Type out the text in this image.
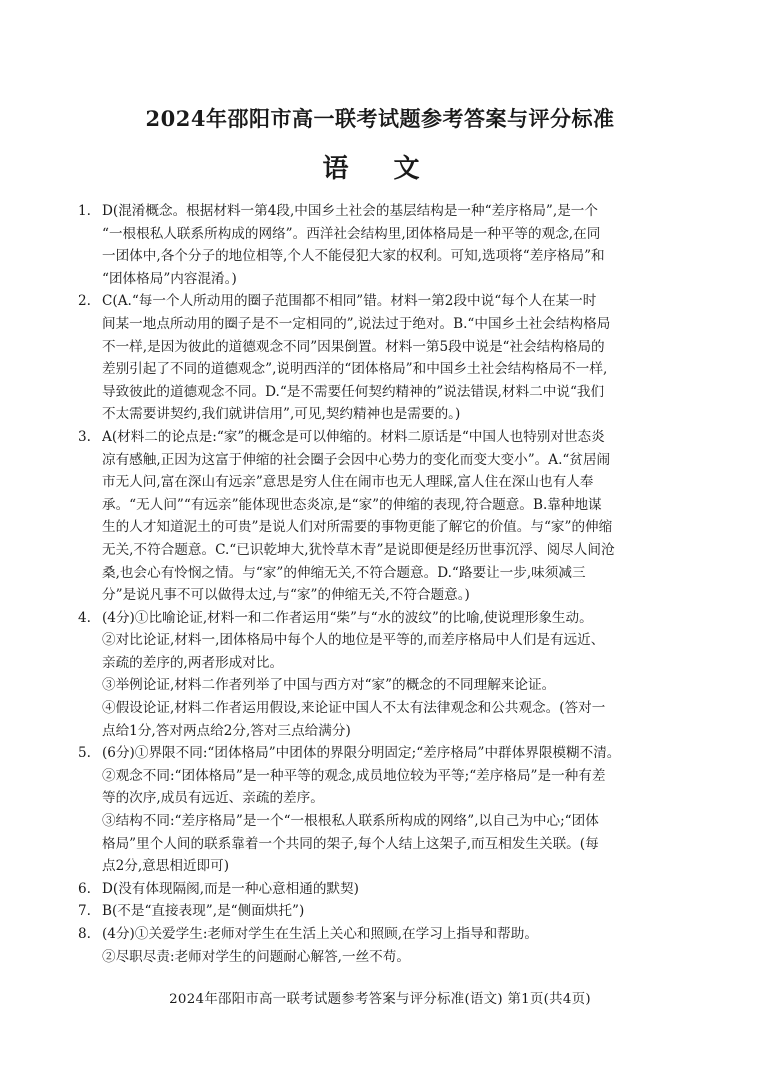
2024年邵阳市高一联考试题参考答案与评分标准
语 文
1. D(混淆概念。根据材料一第4段,中国乡土社会的基层结构是一种“差序格局”,是一个
“一根根私人联系所构成的网络”。西洋社会结构里,团体格局是一种平等的观念,在同
一团体中,各个分子的地位相等,个人不能侵犯大家的权利。可知,选项将“差序格局”和
“团体格局”内容混淆。)
2. C(A.“每一个人所动用的圈子范围都不相同”错。材料一第2段中说“每个人在某一时
间某一地点所动用的圈子是不一定相同的”,说法过于绝对。B.“中国乡土社会结构格局
不一样,是因为彼此的道德观念不同”因果倒置。材料一第5段中说是“社会结构格局的
差别引起了不同的道德观念”,说明西洋的“团体格局”和中国乡土社会结构格局不一样,
导致彼此的道德观念不同。D.“是不需要任何契约精神的”说法错误,材料二中说“我们
不太需要讲契约,我们就讲信用”,可见,契约精神也是需要的。)
3. A(材料二的论点是:“家”的概念是可以伸缩的。材料二原话是“中国人也特别对世态炎
凉有感触,正因为这富于伸缩的社会圈子会因中心势力的变化而变大变小”。A.“贫居闹
市无人问,富在深山有远亲”意思是穷人住在闹市也无人理睬,富人住在深山也有人奉
承。“无人问”“有远亲”能体现世态炎凉,是“家”的伸缩的表现,符合题意。B.靠种地谋
生的人才知道泥土的可贵”是说人们对所需要的事物更能了解它的价值。与“家”的伸缩
无关,不符合题意。C.“已识乾坤大,犹怜草木青”是说即便是经历世事沉浮、阅尽人间沧
桑,也会心有怜悯之情。与“家”的伸缩无关,不符合题意。D.“路要让一步,味须减三
分”是说凡事不可以做得太过,与“家”的伸缩无关,不符合题意。)
4. (4分)①比喻论证,材料一和二作者运用“柴”与“水的波纹”的比喻,使说理形象生动。
②对比论证,材料一,团体格局中每个人的地位是平等的,而差序格局中人们是有远近、
亲疏的差序的,两者形成对比。
③举例论证,材料二作者列举了中国与西方对“家”的概念的不同理解来论证。
④假设论证,材料二作者运用假设,来论证中国人不太有法律观念和公共观念。(答对一
点给1分,答对两点给2分,答对三点给满分)
5. (6分)①界限不同:“团体格局”中团体的界限分明固定;“差序格局”中群体界限模糊不清。
②观念不同:“团体格局”是一种平等的观念,成员地位较为平等;“差序格局”是一种有差
等的次序,成员有远近、亲疏的差序。
③结构不同:“差序格局”是一个“一根根私人联系所构成的网络”,以自己为中心;“团体
格局”里个人间的联系靠着一个共同的架子,每个人结上这架子,而互相发生关联。(每
点2分,意思相近即可)
6. D(没有体现隔阂,而是一种心意相通的默契)
7. B(不是“直接表现”,是“侧面烘托”)
8. (4分)①关爱学生:老师对学生在生活上关心和照顾,在学习上指导和帮助。
②尽职尽责:老师对学生的问题耐心解答,一丝不苟。
2024年邵阳市高一联考试题参考答案与评分标准(语文) 第1页(共4页)
